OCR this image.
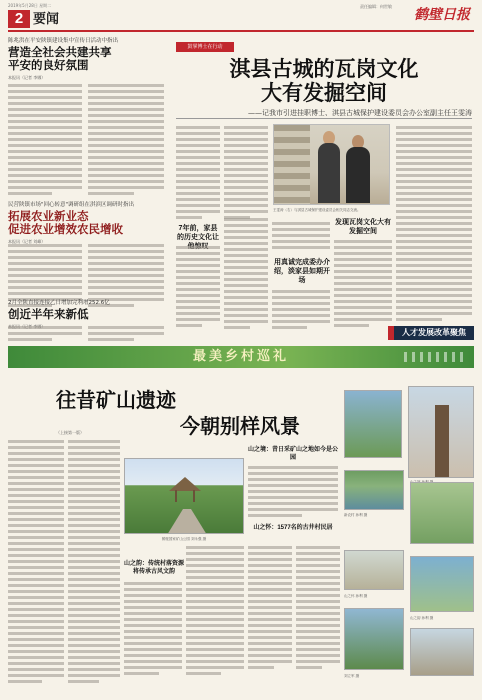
2019年5月28日 星期二
2 要闻
责任编辑：何世敏
鹤壁日报
陈兆洪在平安陕镇建设集中宣传日活动中指出
营造全社会共建共享
平安的良好氛围
本报讯（记者 李娜）
民营陕镇市场"回心转意"调研组在淇滨区调研时指出
拓展农业新业态
促进农业增效农民增收
本报讯（记者 刘峰）
2月全陕直接连接乙日增加完利增252.6亿
创近半年来新低
鼓掌博士在行动
淇县古城的瓦岗文化
大有发掘空间
——记我市引进挂职博士、淇县古城保护建设委员会办公室副主任王雯涛
王雯涛（右）与淇县古城保护建设委员会相关同志交流。
7年前，家县的历史文化让
用真诚完成委办介绍，淡家县如期开场
发现瓦岗文化大有发掘空间
人才发展改革聚焦
最美乡村巡礼
往昔矿山遗迹
今朝别样风景
（上接第一版）
鹤壁国家矿山公园 刘永强 摄
山之韵：传统村落资源将传承古风文韵
山之境：昔日采矿山之地如今是公园
山之怀：1577名的古井村民居
新农村 孙利 摄
山之怀 孙利 摄
山之韵 孙利 摄
刘立军 摄
